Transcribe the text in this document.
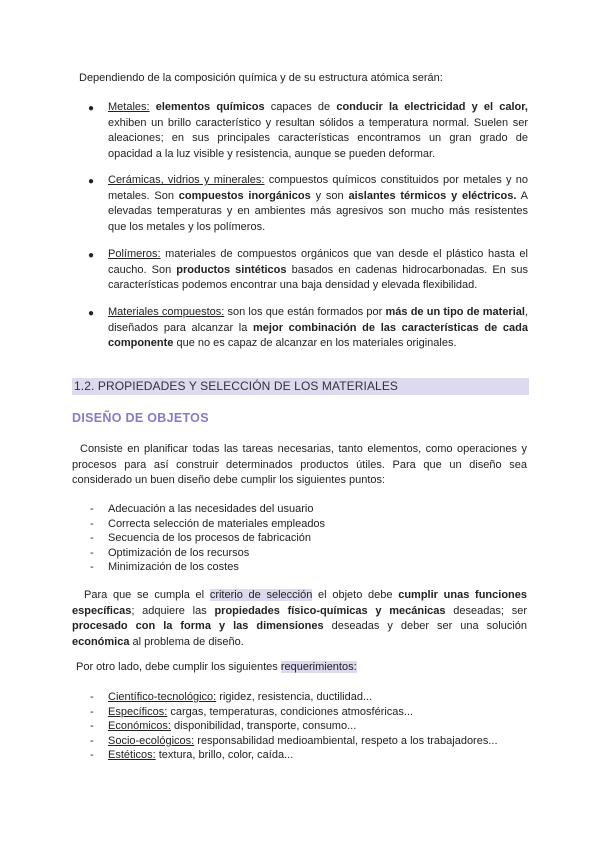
Dependiendo de la composición química y de su estructura atómica serán:

● Metales: elementos químicos capaces de conducir la electricidad y el calor, exhiben un brillo característico y resultan sólidos a temperatura normal. Suelen ser aleaciones; en sus principales características encontramos un gran grado de opacidad a la luz visible y resistencia, aunque se pueden deformar.

● Cerámicas, vidrios y minerales: compuestos químicos constituidos por metales y no metales. Son compuestos inorgánicos y son aislantes térmicos y eléctricos. A elevadas temperaturas y en ambientes más agresivos son mucho más resistentes que los metales y los polímeros.

● Polímeros: materiales de compuestos orgánicos que van desde el plástico hasta el caucho. Son productos sintéticos basados en cadenas hidrocarbonadas. En sus características podemos encontrar una baja densidad y elevada flexibilidad.

● Materiales compuestos: son los que están formados por más de un tipo de material, diseñados para alcanzar la mejor combinación de las características de cada componente que no es capaz de alcanzar en los materiales originales.

1.2. PROPIEDADES Y SELECCIÓN DE LOS MATERIALES
DISEÑO DE OBJETOS

Consiste en planificar todas las tareas necesarias, tanto elementos, como operaciones y procesos para así construir determinados productos útiles. Para que un diseño sea considerado un buen diseño debe cumplir los siguientes puntos:

- Adecuación a las necesidades del usuario
- Correcta selección de materiales empleados
- Secuencia de los procesos de fabricación
- Optimización de los recursos
- Minimización de los costes

Para que se cumpla el criterio de selección el objeto debe cumplir unas funciones específicas; adquiere las propiedades físico-químicas y mecánicas deseadas; ser procesado con la forma y las dimensiones deseadas y deber ser una solución económica al problema de diseño.

Por otro lado, debe cumplir los siguientes requerimientos:

- Científico-tecnológico: rigidez, resistencia, ductilidad...
- Específicos: cargas, temperaturas, condiciones atmosféricas...
- Económicos: disponibilidad, transporte, consumo...
- Socio-ecológicos: responsabilidad medioambiental, respeto a los trabajadores...
- Estéticos: textura, brillo, color, caída...
